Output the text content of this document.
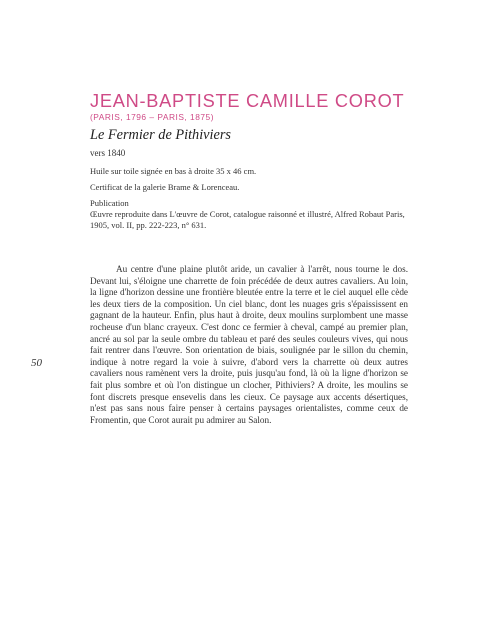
JEAN-BAPTISTE CAMILLE COROT
(PARIS, 1796 – PARIS, 1875)
Le Fermier de Pithiviers
vers 1840
Huile sur toile signée en bas à droite 35 x 46 cm.
Certificat de la galerie Brame & Lorenceau.
Publication
Œuvre reproduite dans L'œuvre de Corot, catalogue raisonné et illustré, Alfred Robaut Paris, 1905, vol. II, pp. 222-223, n° 631.

Au centre d'une plaine plutôt aride, un cavalier à l'arrêt, nous tourne le dos. Devant lui, s'éloigne une charrette de foin précédée de deux autres cavaliers. Au loin, la ligne d'horizon dessine une frontière bleutée entre la terre et le ciel auquel elle cède les deux tiers de la composition. Un ciel blanc, dont les nuages gris s'épaississent en gagnant de la hauteur. Enfin, plus haut à droite, deux moulins surplombent une masse rocheuse d'un blanc crayeux. C'est donc ce fermier à cheval, campé au premier plan, ancré au sol par la seule ombre du tableau et paré des seules couleurs vives, qui nous fait rentrer dans l'œuvre. Son orientation de biais, soulignée par le sillon du chemin, indique à notre regard la voie à suivre, d'abord vers la charrette où deux autres cavaliers nous ramènent vers la droite, puis jusqu'au fond, là où la ligne d'horizon se fait plus sombre et où l'on distingue un clocher, Pithiviers? A droite, les moulins se font discrets presque ensevelis dans les cieux. Ce paysage aux accents désertiques, n'est pas sans nous faire penser à certains paysages orientalistes, comme ceux de Fromentin, que Corot aurait pu admirer au Salon.

50
